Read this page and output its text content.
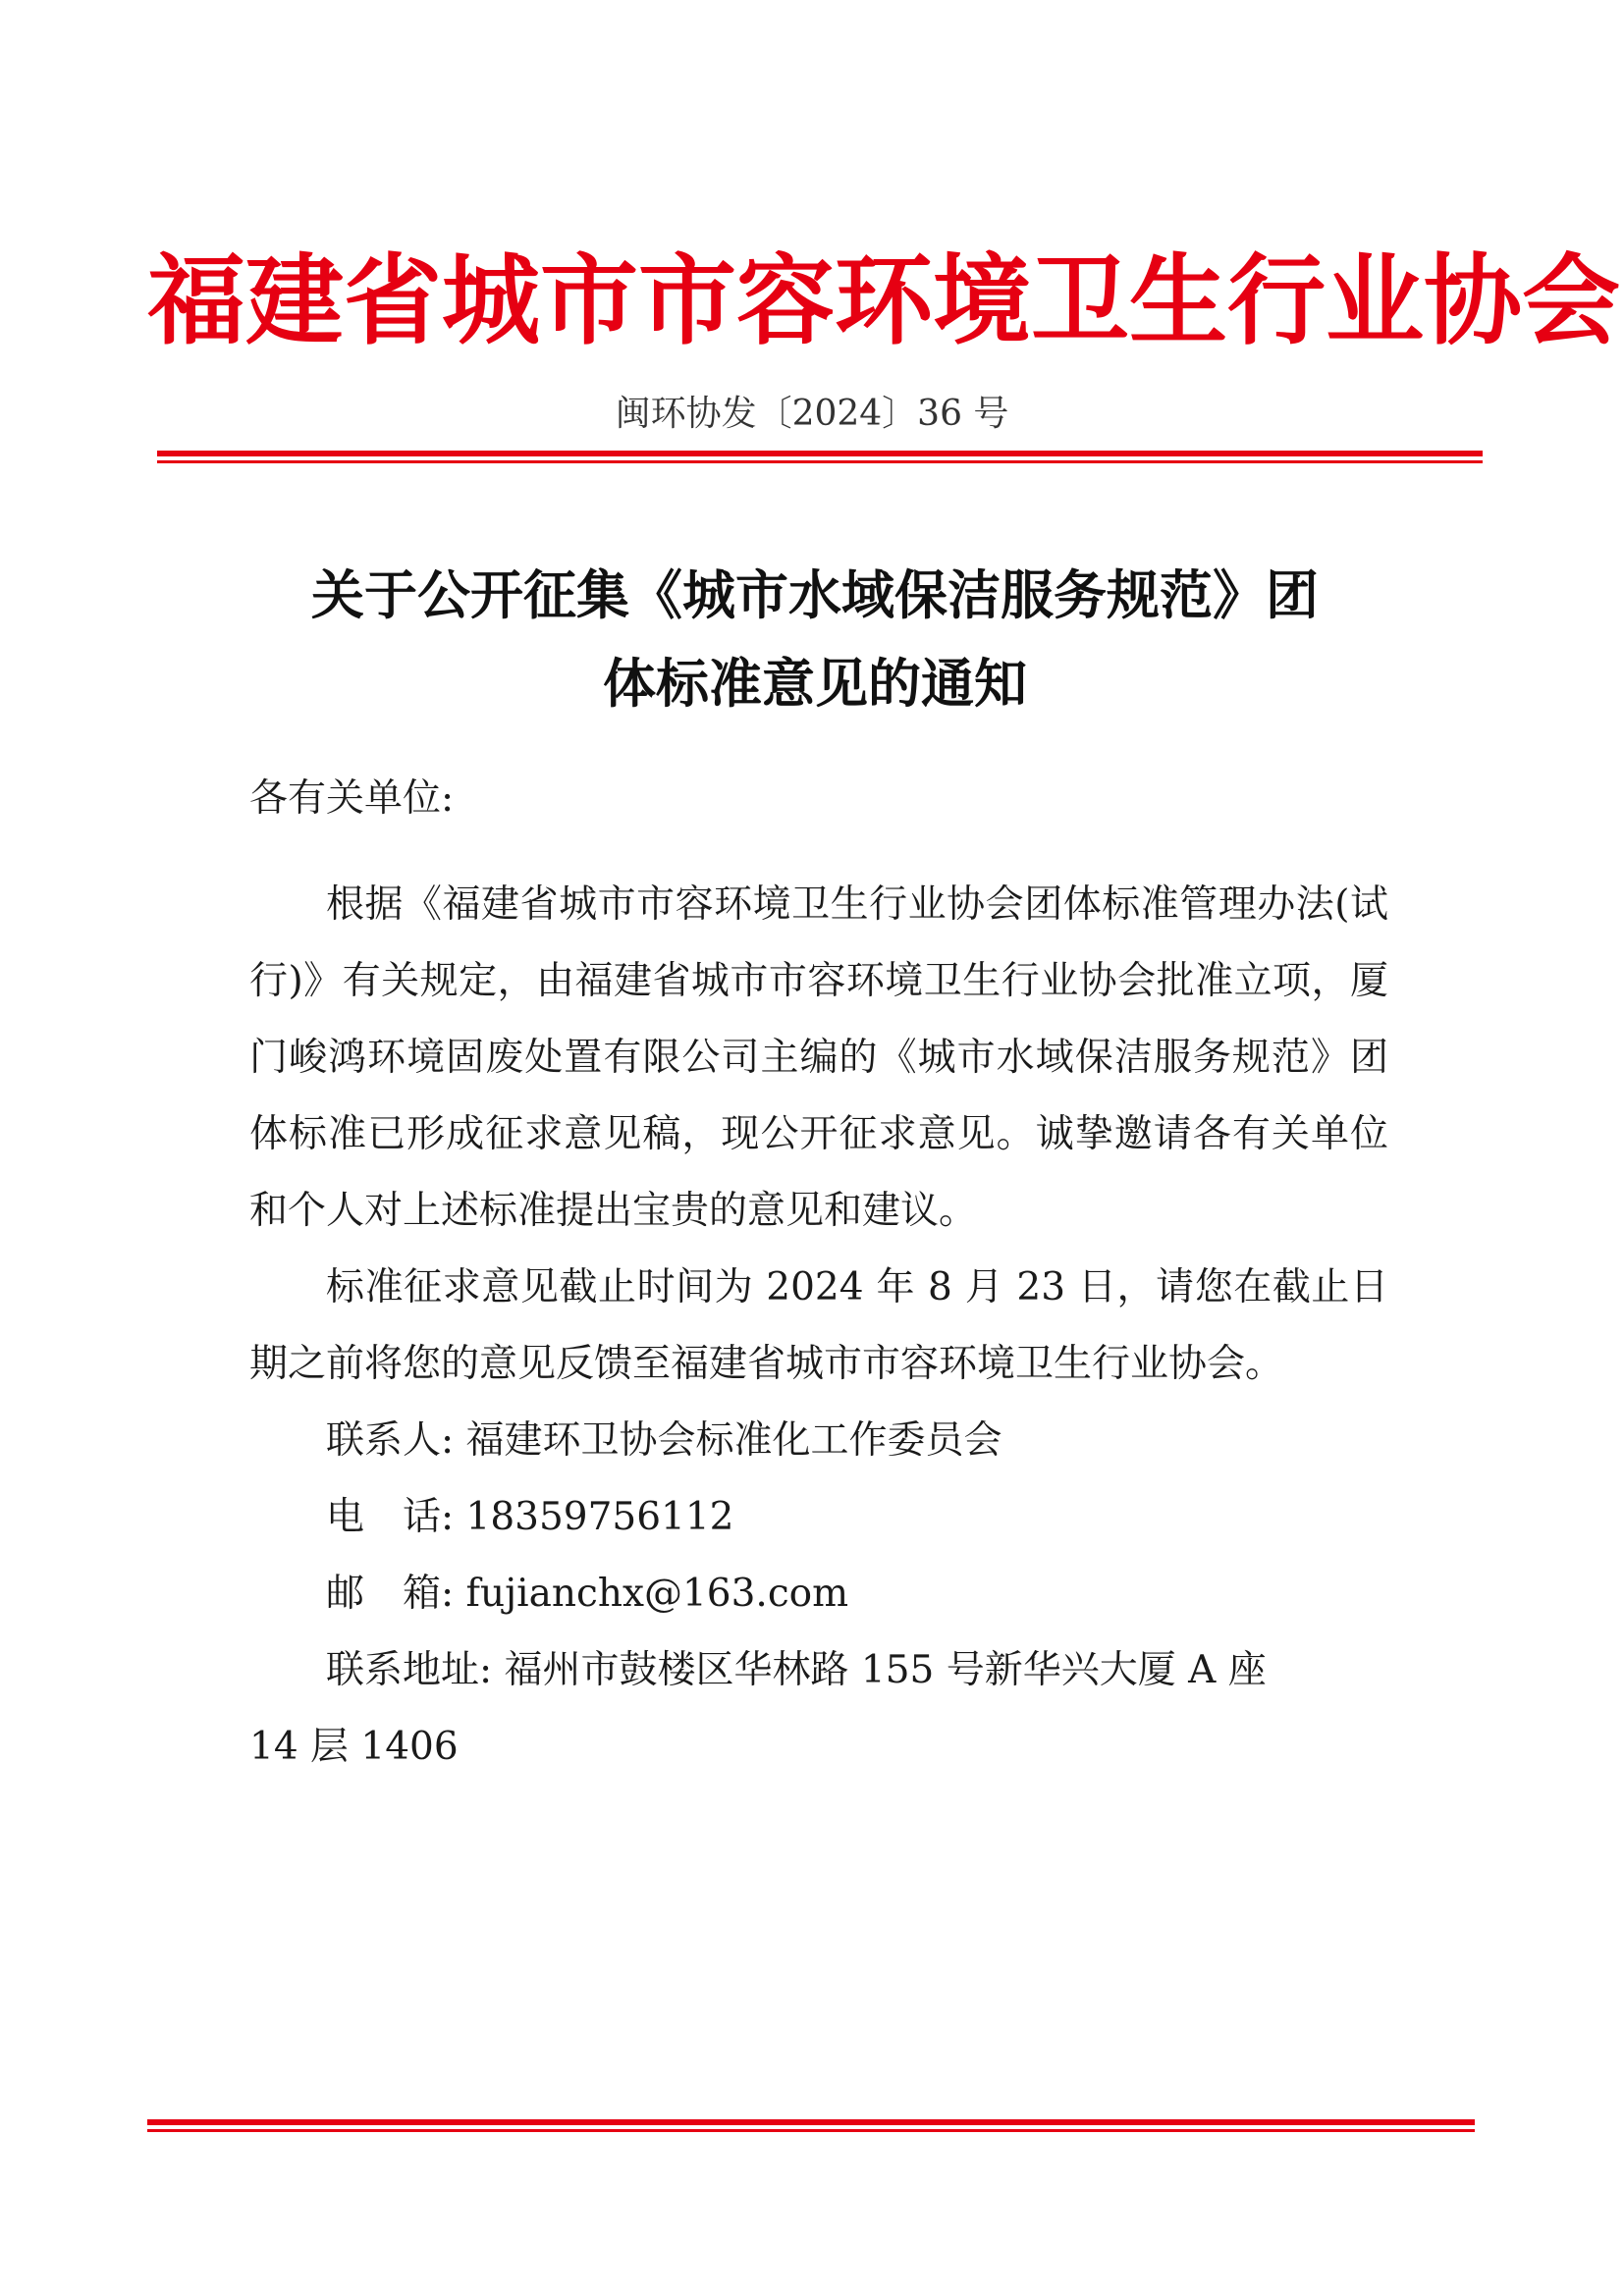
福建省城市市容环境卫生行业协会
闽环协发〔2024〕36 号
关于公开征集《城市水域保洁服务规范》团
体标准意见的通知

各有关单位:

根据《福建省城市市容环境卫生行业协会团体标准管理办法(试行)》有关规定，由福建省城市市容环境卫生行业协会批准立项，厦门峻鸿环境固废处置有限公司主编的《城市水域保洁服务规范》团体标准已形成征求意见稿，现公开征求意见。诚挚邀请各有关单位和个人对上述标准提出宝贵的意见和建议。

标准征求意见截止时间为 2024 年 8 月 23 日，请您在截止日期之前将您的意见反馈至福建省城市市容环境卫生行业协会。

联系人: 福建环卫协会标准化工作委员会

电　话: 18359756112

邮　箱: fujianchx@163.com

联系地址: 福州市鼓楼区华林路 155 号新华兴大厦 A 座

14 层 1406
